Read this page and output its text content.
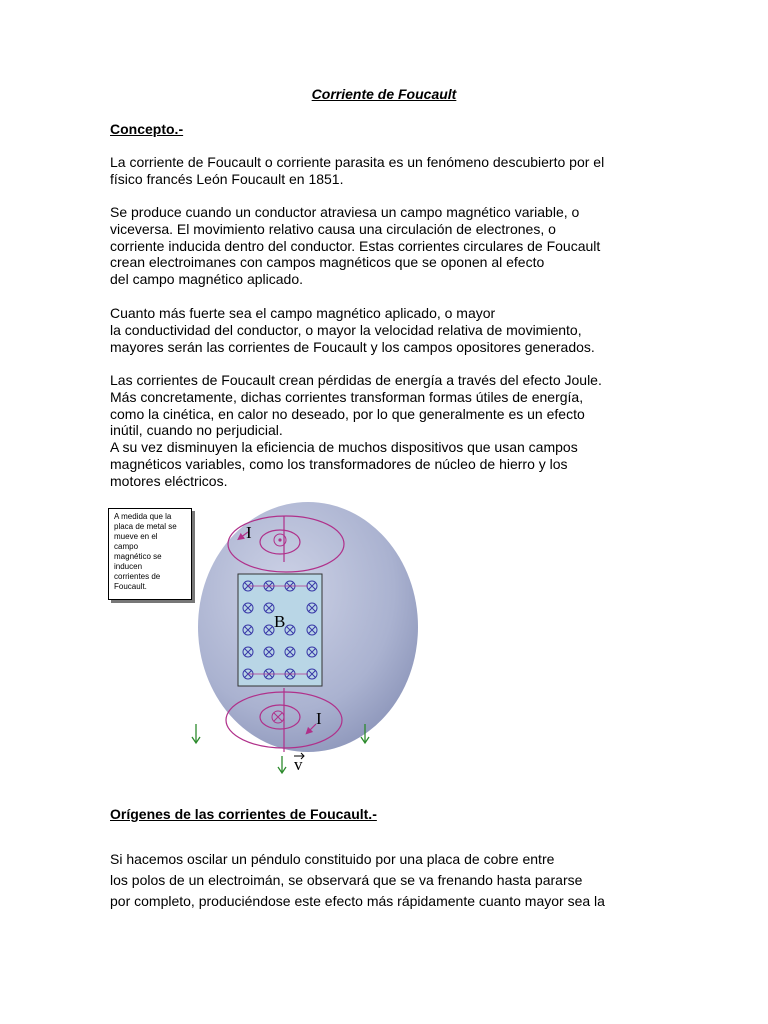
Corriente de Foucault
Concepto.-
La corriente de Foucault o corriente parasita es un fenómeno descubierto por el
físico francés León Foucault en 1851.
Se produce cuando un conductor atraviesa un campo magnético variable, o
viceversa. El movimiento relativo causa una circulación de electrones, o
corriente inducida dentro del conductor. Estas corrientes circulares de Foucault
crean electroimanes con campos magnéticos que se oponen al efecto
del campo magnético aplicado.
Cuanto más fuerte sea el campo magnético aplicado, o mayor
la conductividad del conductor, o mayor la velocidad relativa de movimiento,
mayores serán las corrientes de Foucault y los campos opositores generados.
Las corrientes de Foucault crean pérdidas de energía a través del efecto Joule.
Más concretamente, dichas corrientes transforman formas útiles de energía,
como la cinética, en calor no deseado, por lo que generalmente es un efecto
inútil, cuando no perjudicial.
A su vez disminuyen la eficiencia de muchos dispositivos que usan campos
magnéticos variables, como los transformadores de núcleo de hierro y los
motores eléctricos.
I
B
I
v
A medida que la
placa de metal se
mueve en el
campo
magnético se
inducen
corrientes de
Foucault.
Orígenes de las corrientes de Foucault.-
Si hacemos oscilar un péndulo constituido por una placa de cobre entre
los polos de un electroimán, se observará que se va frenando hasta pararse
por completo, produciéndose este efecto más rápidamente cuanto mayor sea la
